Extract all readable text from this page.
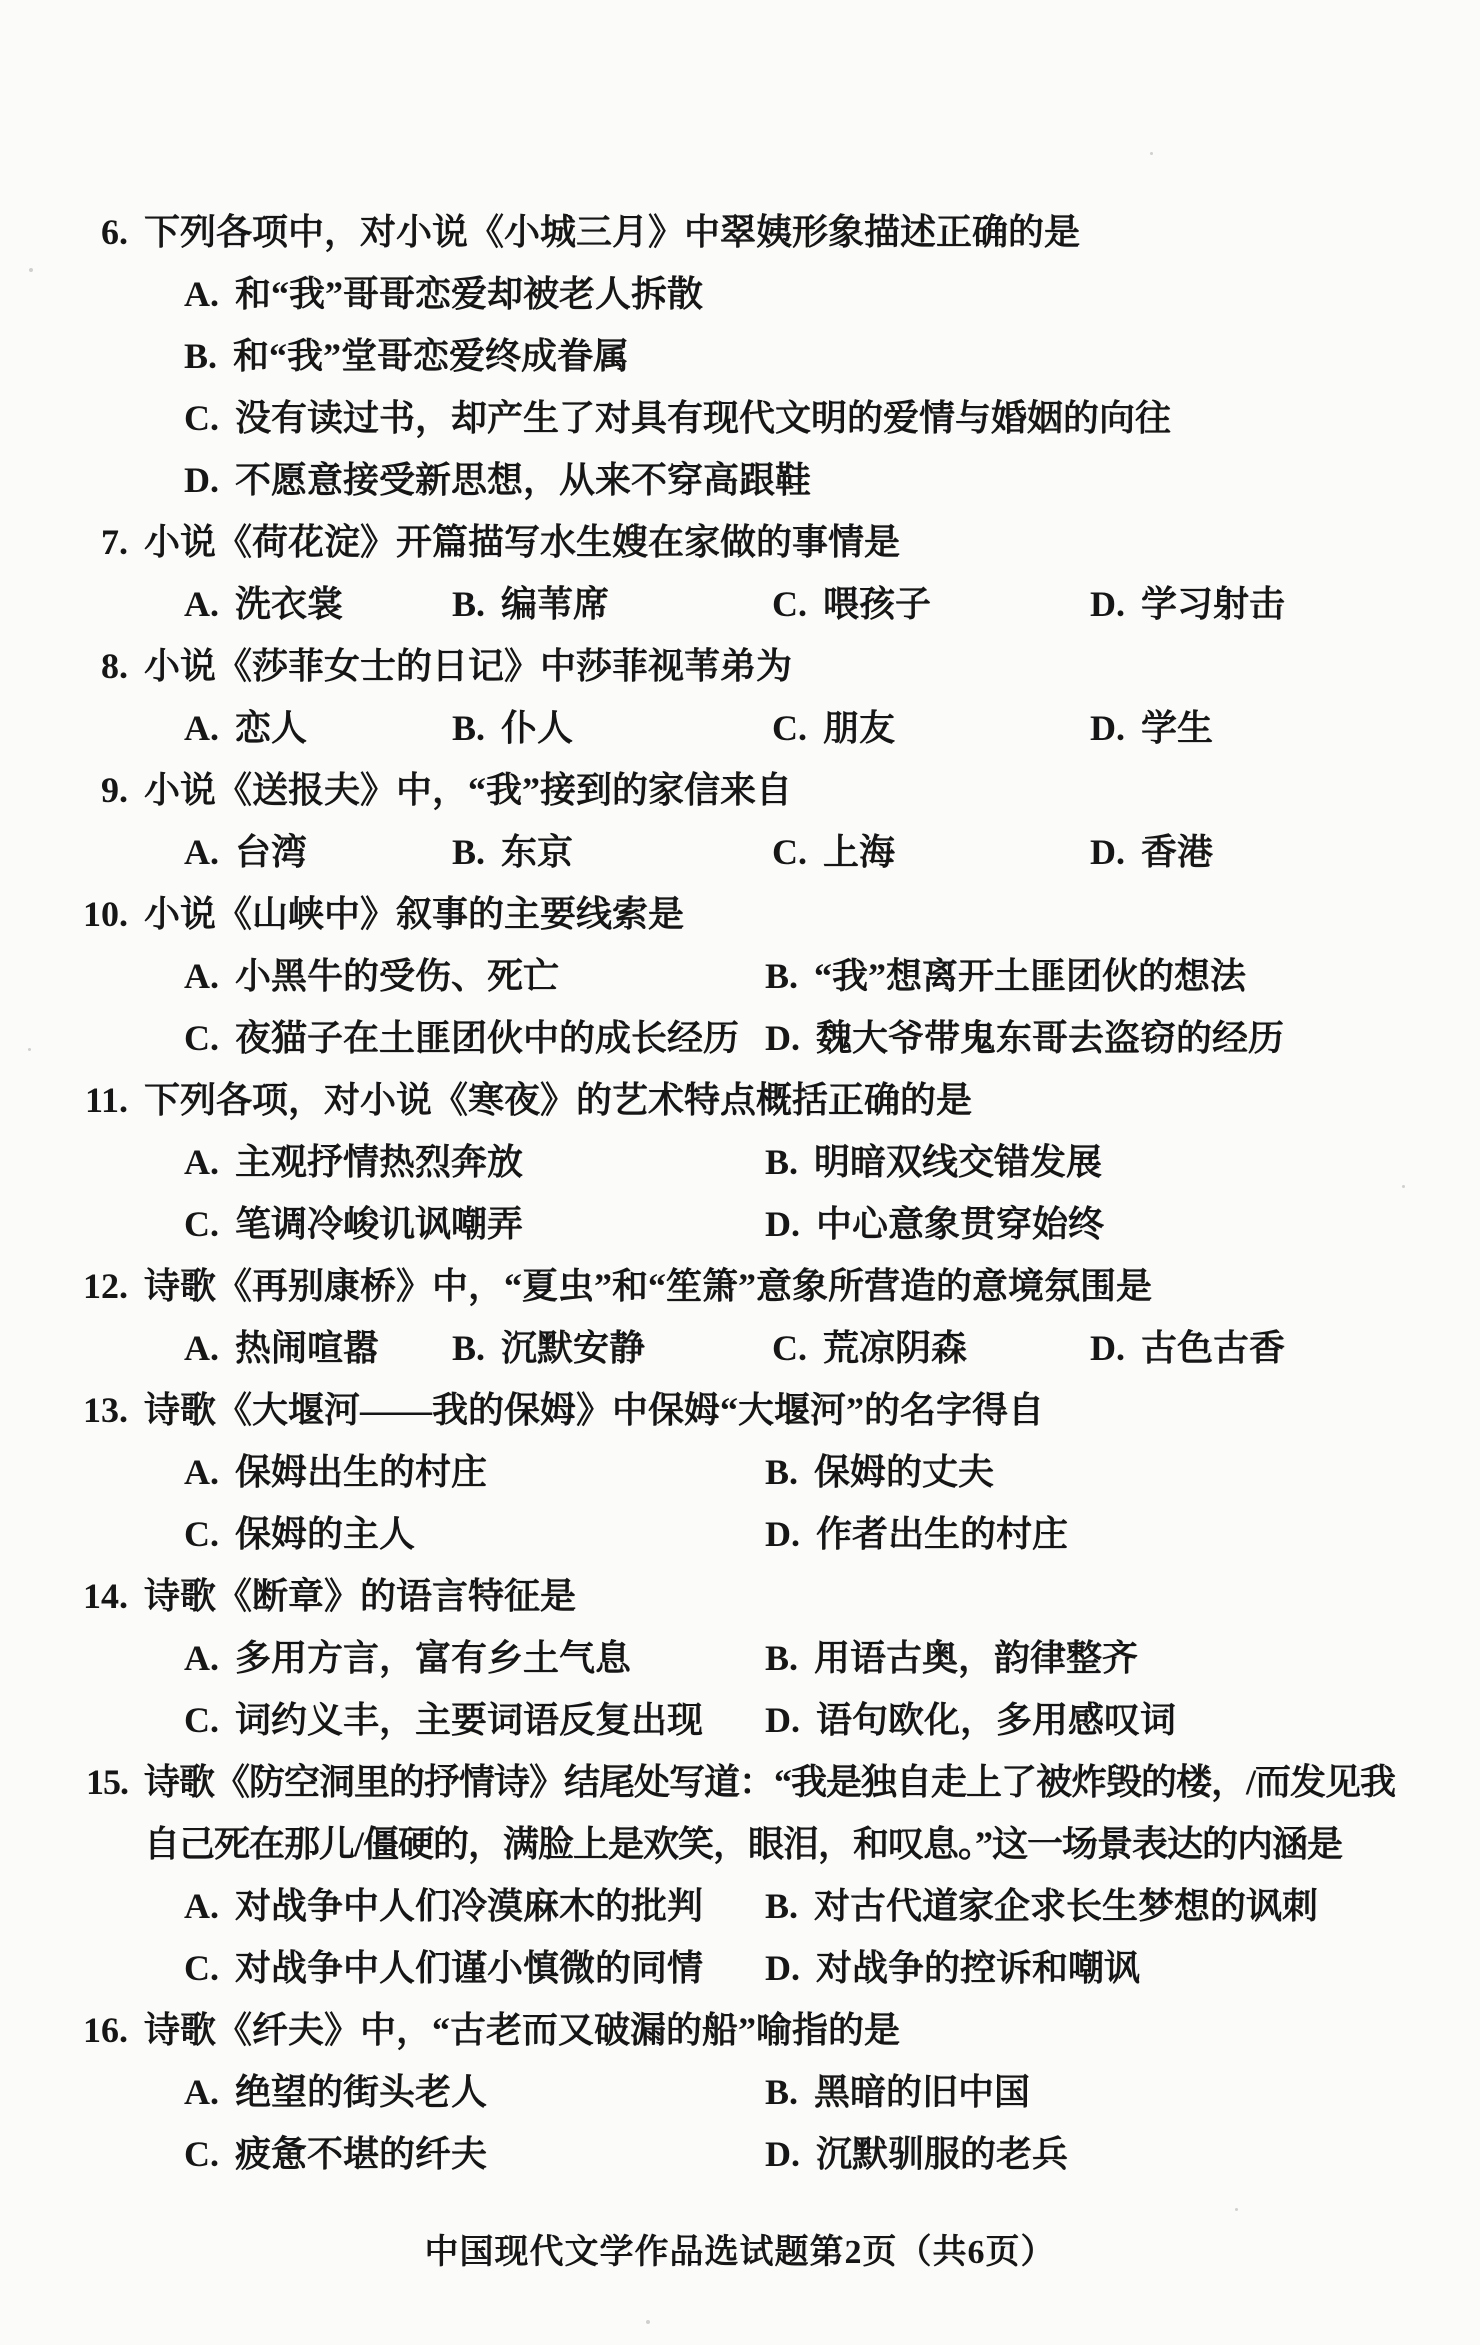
6. 下列各项中，对小说《小城三月》中翠姨形象描述正确的是
A. 和“我”哥哥恋爱却被老人拆散
B. 和“我”堂哥恋爱终成眷属
C. 没有读过书，却产生了对具有现代文明的爱情与婚姻的向往
D. 不愿意接受新思想，从来不穿高跟鞋
7. 小说《荷花淀》开篇描写水生嫂在家做的事情是
A. 洗衣裳	B. 编苇席	C. 喂孩子	D. 学习射击
8. 小说《莎菲女士的日记》中莎菲视苇弟为
A. 恋人	B. 仆人	C. 朋友	D. 学生
9. 小说《送报夫》中，“我”接到的家信来自
A. 台湾	B. 东京	C. 上海	D. 香港
10. 小说《山峡中》叙事的主要线索是
A. 小黑牛的受伤、死亡	B. “我”想离开土匪团伙的想法
C. 夜猫子在土匪团伙中的成长经历 D. 魏大爷带鬼东哥去盗窃的经历
11. 下列各项，对小说《寒夜》的艺术特点概括正确的是
A. 主观抒情热烈奔放	B. 明暗双线交错发展
C. 笔调冷峻讥讽嘲弄	D. 中心意象贯穿始终
12. 诗歌《再别康桥》中，“夏虫”和“笙箫”意象所营造的意境氛围是
A. 热闹喧嚣 B. 沉默安静	C. 荒凉阴森	D. 古色古香
13. 诗歌《大堰河——我的保姆》中保姆“大堰河”的名字得自
A. 保姆出生的村庄	B. 保姆的丈夫
C. 保姆的主人	D. 作者出生的村庄
14. 诗歌《断章》的语言特征是
A. 多用方言，富有乡土气息	B. 用语古奥，韵律整齐
C. 词约义丰，主要词语反复出现 D. 语句欧化，多用感叹词
15. 诗歌《防空洞里的抒情诗》结尾处写道：“我是独自走上了被炸毁的楼，/而发见我
自己死在那儿/僵硬的，满脸上是欢笑，眼泪，和叹息。”这一场景表达的内涵是
A. 对战争中人们冷漠麻木的批判 B. 对古代道家企求长生梦想的讽刺
C. 对战争中人们谨小慎微的同情 D. 对战争的控诉和嘲讽
16. 诗歌《纤夫》中，“古老而又破漏的船”喻指的是
A. 绝望的街头老人	B. 黑暗的旧中国
C. 疲惫不堪的纤夫	D. 沉默驯服的老兵
中国现代文学作品选试题第2页（共6页）
